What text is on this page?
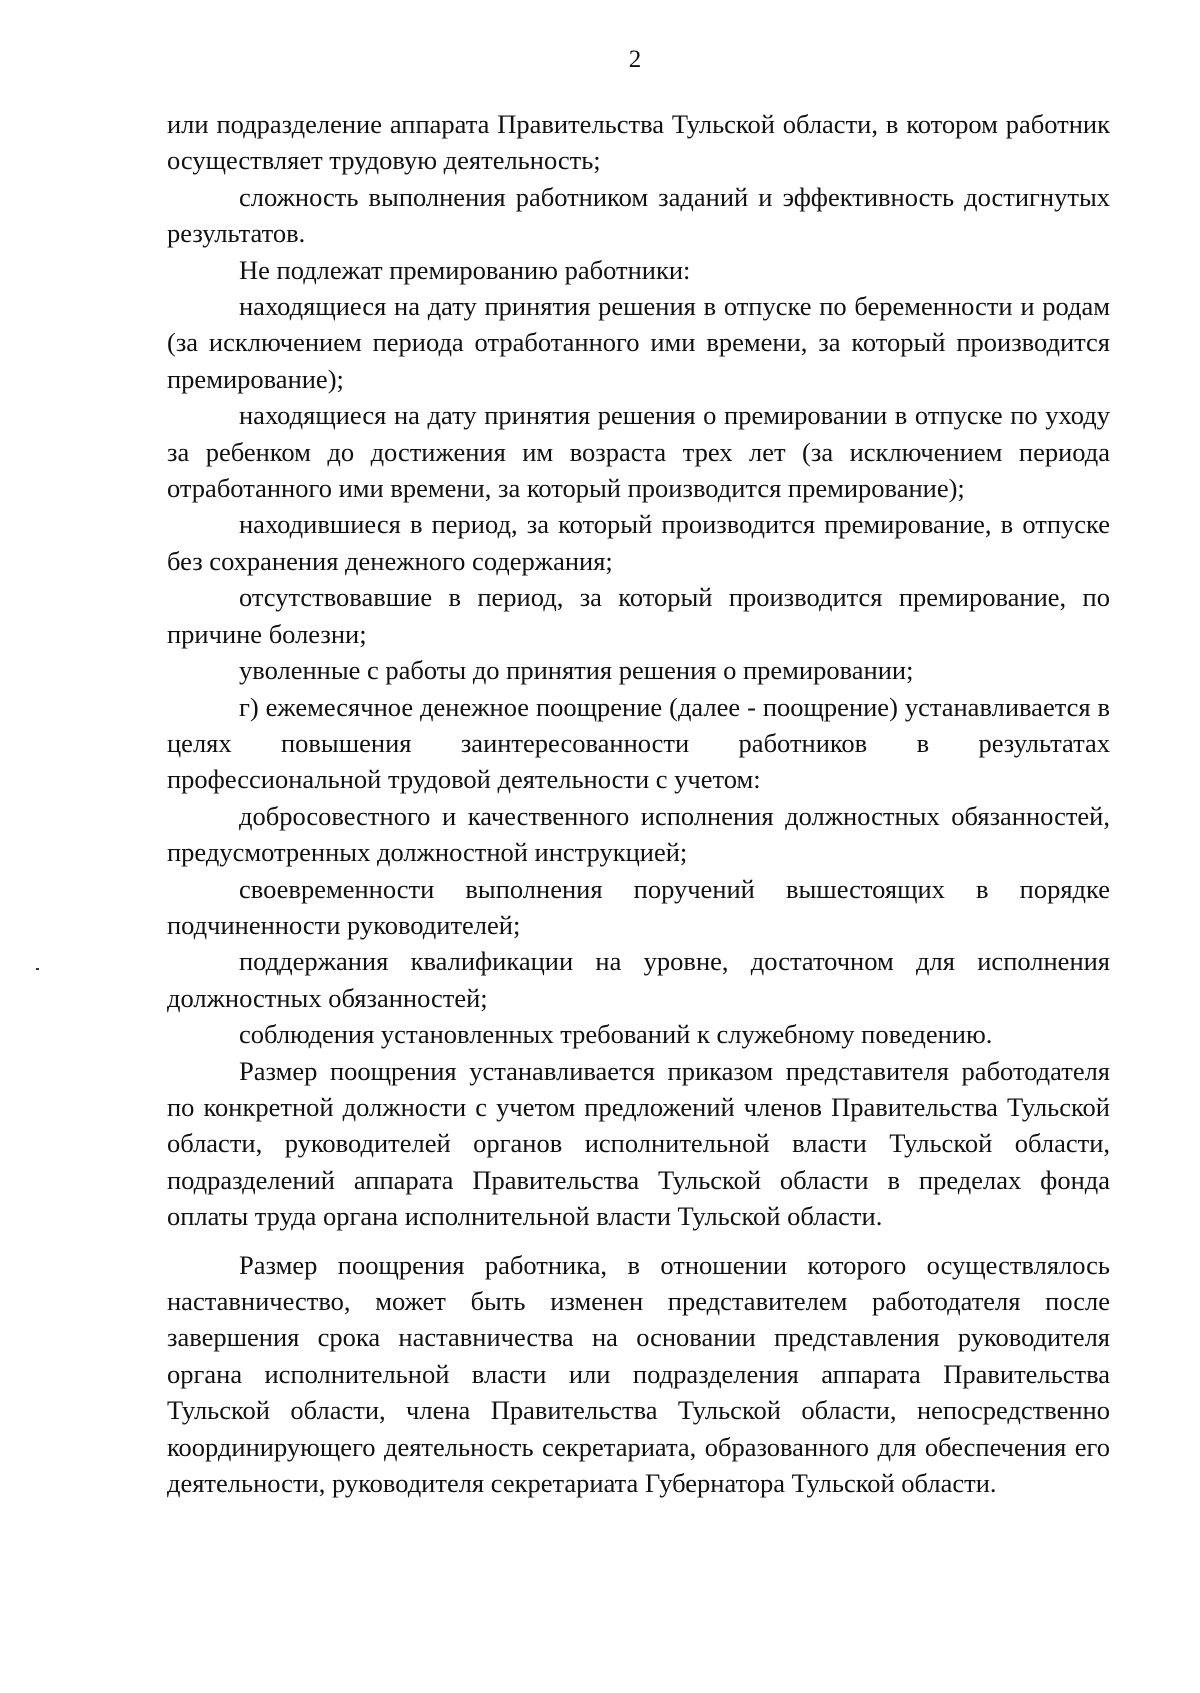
2

или подразделение аппарата Правительства Тульской области, в котором работник осуществляет трудовую деятельность;

сложность выполнения работником заданий и эффективность достигнутых результатов.

Не подлежат премированию работники:

находящиеся на дату принятия решения в отпуске по беременности и родам (за исключением периода отработанного ими времени, за который производится премирование);

находящиеся на дату принятия решения о премировании в отпуске по уходу за ребенком до достижения им возраста трех лет (за исключением периода отработанного ими времени, за который производится премирование);

находившиеся в период, за который производится премирование, в отпуске без сохранения денежного содержания;

отсутствовавшие в период, за который производится премирование, по причине болезни;

уволенные с работы до принятия решения о премировании;

г) ежемесячное денежное поощрение (далее - поощрение) устанавливается в целях повышения заинтересованности работников в результатах профессиональной трудовой деятельности с учетом:

добросовестного и качественного исполнения должностных обязанностей, предусмотренных должностной инструкцией;

своевременности выполнения поручений вышестоящих в порядке подчиненности руководителей;

поддержания квалификации на уровне, достаточном для исполнения должностных обязанностей;

соблюдения установленных требований к служебному поведению.

Размер поощрения устанавливается приказом представителя работодателя по конкретной должности с учетом предложений членов Правительства Тульской области, руководителей органов исполнительной власти Тульской области, подразделений аппарата Правительства Тульской области в пределах фонда оплаты труда органа исполнительной власти Тульской области.

Размер поощрения работника, в отношении которого осуществлялось наставничество, может быть изменен представителем работодателя после завершения срока наставничества на основании представления руководителя органа исполнительной власти или подразделения аппарата Правительства Тульской области, члена Правительства Тульской области, непосредственно координирующего деятельность секретариата, образованного для обеспечения его деятельности, руководителя секретариата Губернатора Тульской области.
